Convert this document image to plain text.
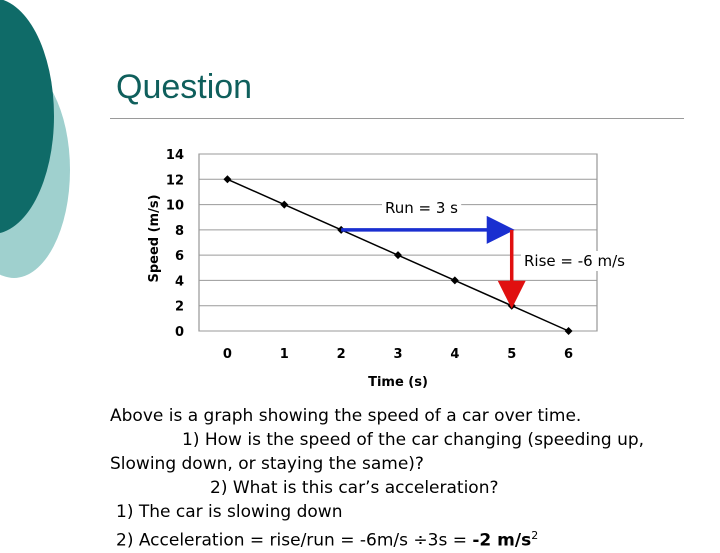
Question
0
2
4
6
8
10
12
14
0	1	2	3	4	5	6
Time (s)
Speed (m/s)	Run = 3 s
Rise = -6 m/s
Above is a graph showing the speed of a car over time.
1) How is the speed of the car changing (speeding up,
Slowing down, or staying the same)?
2) What is this car’s acceleration?
1) The car is slowing down
2) Acceleration = rise/run = -6m/s ÷3s = -2 $m/s^2$
